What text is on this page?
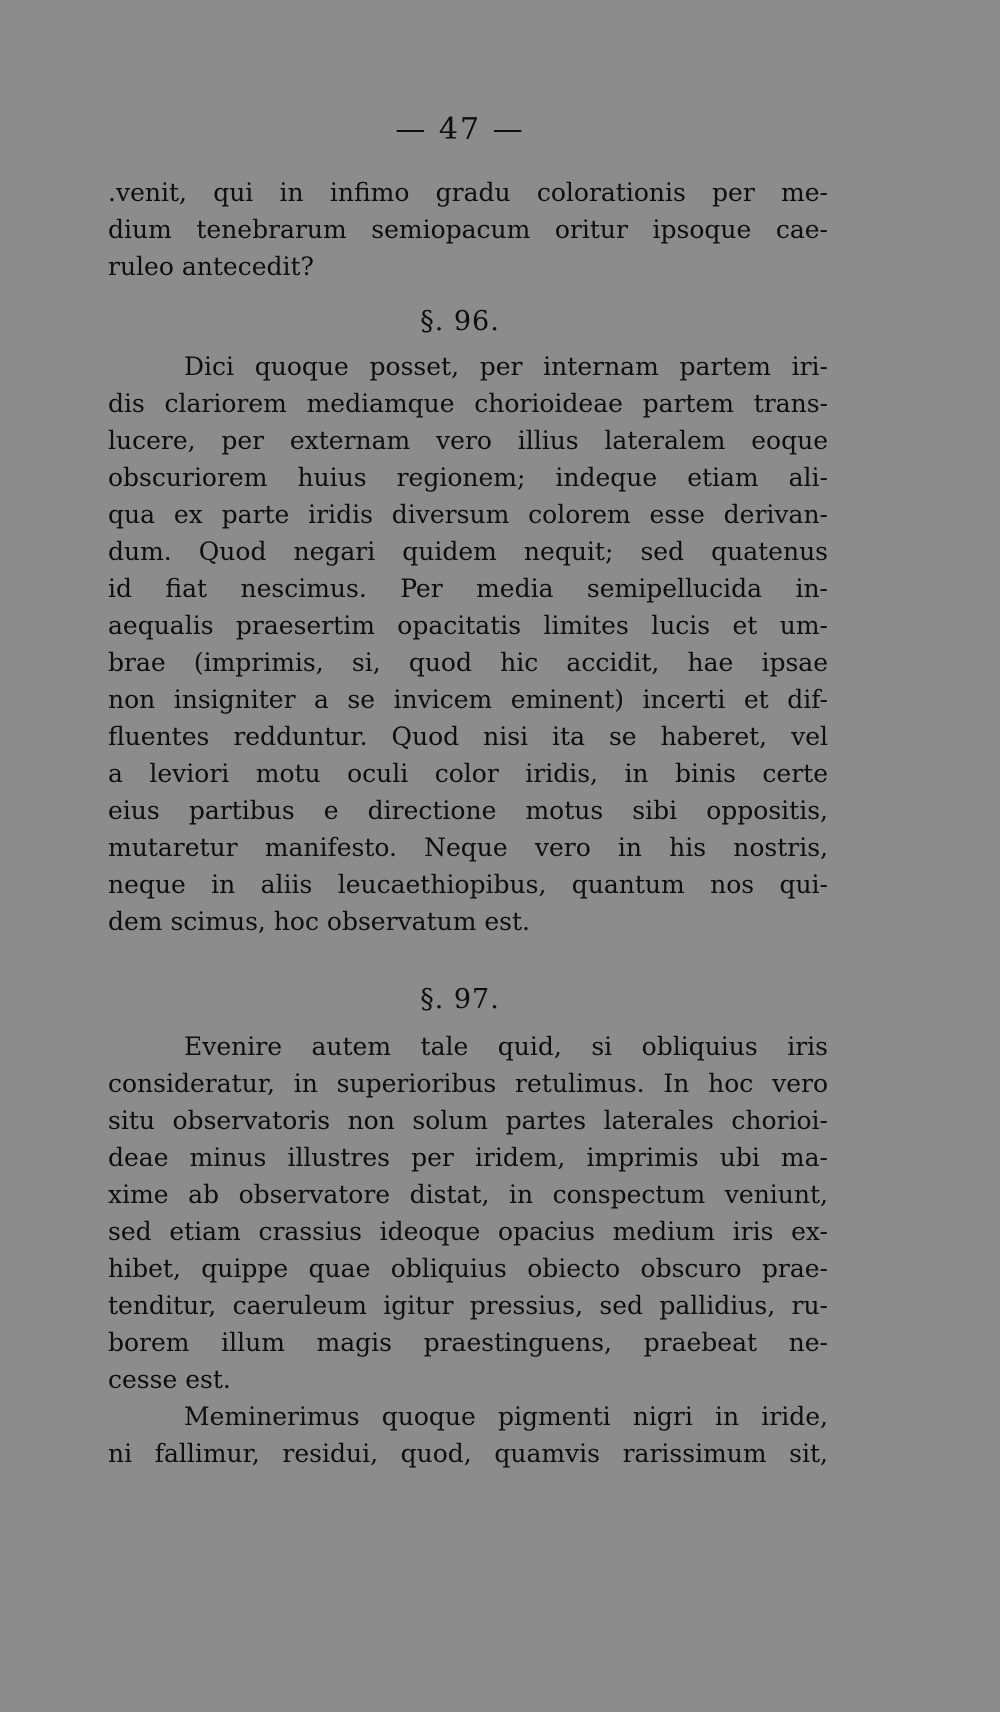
— 47 —
.venit, qui in infimo gradu colorationis per me-
dium tenebrarum semiopacum oritur ipsoque cae-
ruleo antecedit?
§. 96.
Dici quoque posset, per internam partem iri-
dis clariorem mediamque chorioideae partem trans-
lucere, per externam vero illius lateralem eoque
obscuriorem huius regionem; indeque etiam ali-
qua ex parte iridis diversum colorem esse derivan-
dum. Quod negari quidem nequit; sed quatenus
id fiat nescimus. Per media semipellucida in-
aequalis praesertim opacitatis limites lucis et um-
brae (imprimis, si, quod hic accidit, hae ipsae
non insigniter a se invicem eminent) incerti et dif-
fluentes redduntur. Quod nisi ita se haberet, vel
a leviori motu oculi color iridis, in binis certe
eius partibus e directione motus sibi oppositis,
mutaretur manifesto. Neque vero in his nostris,
neque in aliis leucaethiopibus, quantum nos qui-
dem scimus, hoc observatum est.
§. 97.
Evenire autem tale quid, si obliquius iris
consideratur, in superioribus retulimus. In hoc vero
situ observatoris non solum partes laterales chorioi-
deae minus illustres per iridem, imprimis ubi ma-
xime ab observatore distat, in conspectum veniunt,
sed etiam crassius ideoque opacius medium iris ex-
hibet, quippe quae obliquius obiecto obscuro prae-
tenditur, caeruleum igitur pressius, sed pallidius, ru-
borem illum magis praestinguens, praebeat ne-
cesse est.
Meminerimus quoque pigmenti nigri in iride,
ni fallimur, residui, quod, quamvis rarissimum sit,
